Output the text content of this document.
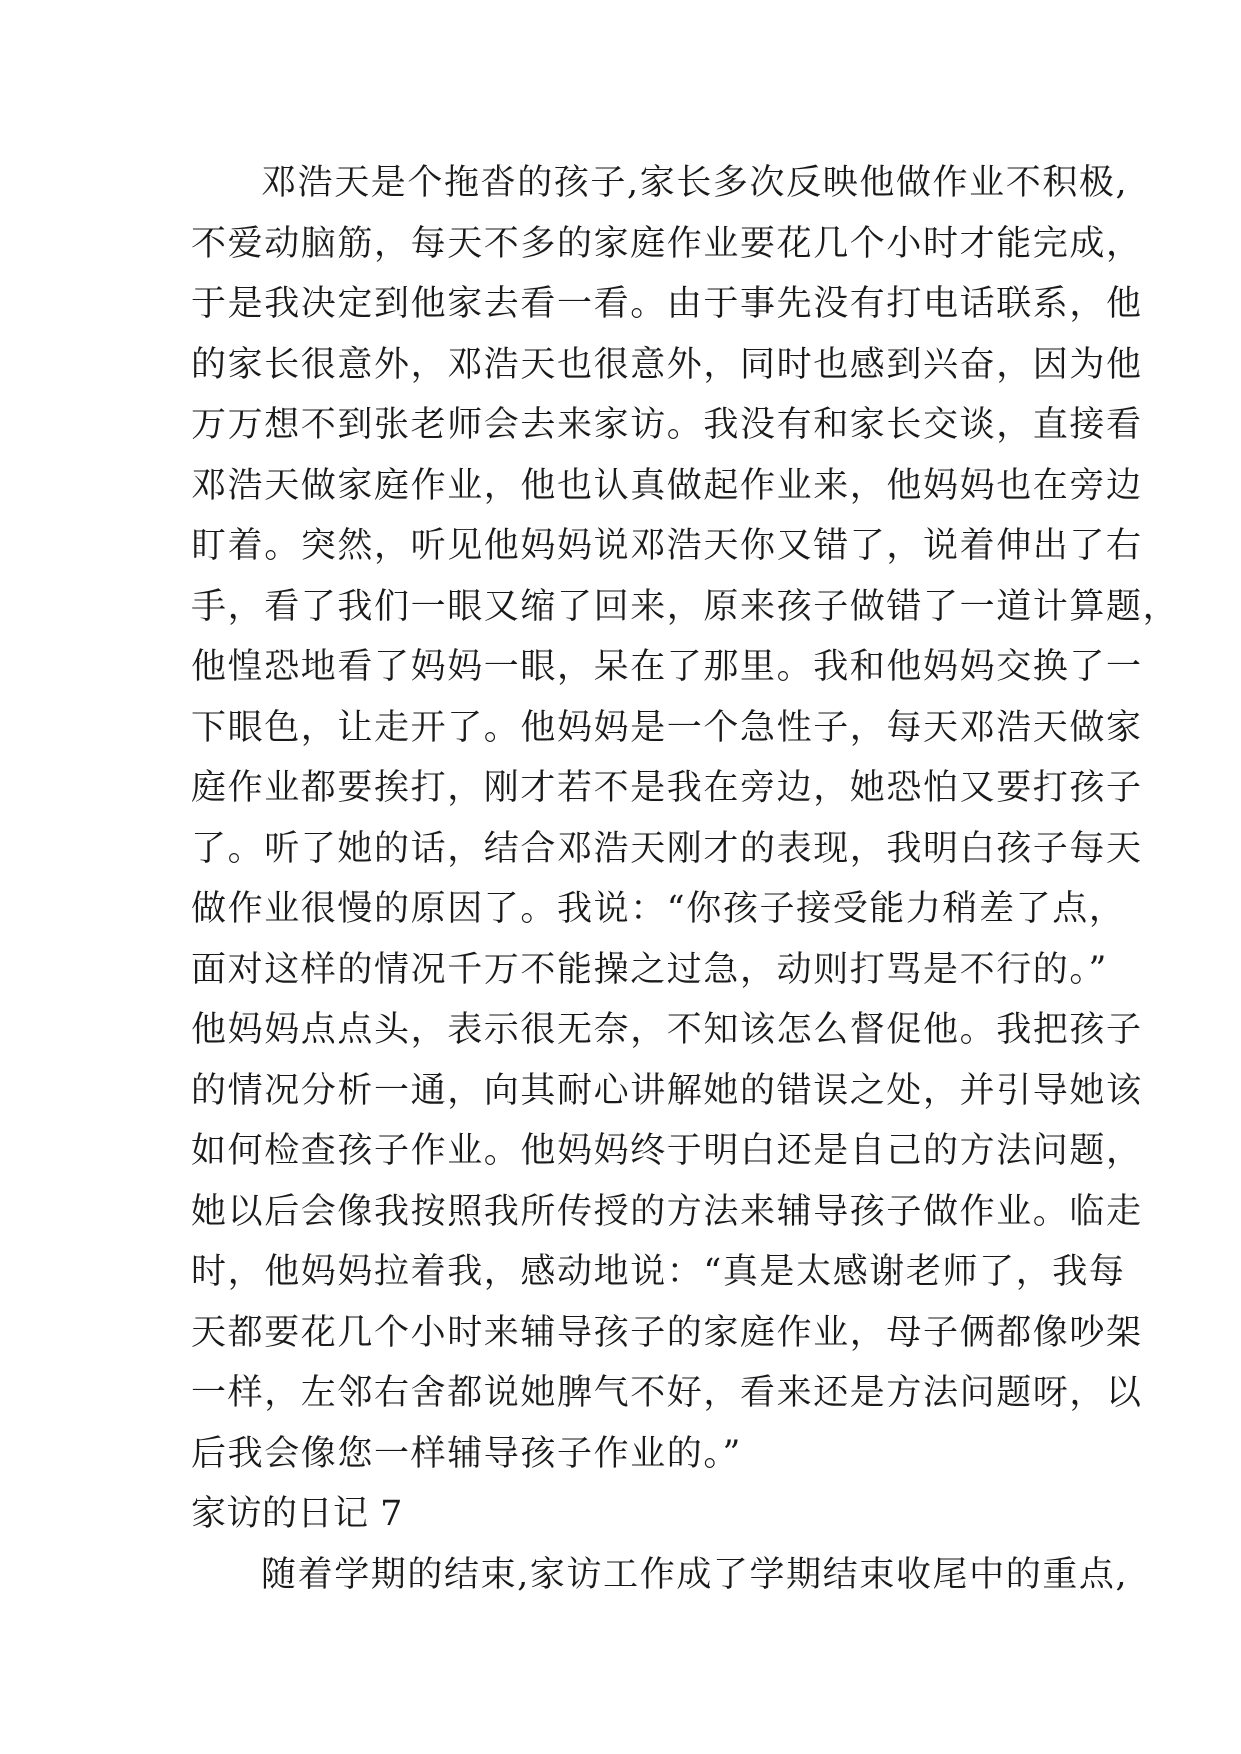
邓浩天是个拖沓的孩子,家长多次反映他做作业不积极,
不爱动脑筋，每天不多的家庭作业要花几个小时才能完成，
于是我决定到他家去看一看。由于事先没有打电话联系，他
的家长很意外，邓浩天也很意外，同时也感到兴奋，因为他
万万想不到张老师会去来家访。我没有和家长交谈，直接看
邓浩天做家庭作业，他也认真做起作业来，他妈妈也在旁边
盯着。突然，听见他妈妈说邓浩天你又错了，说着伸出了右
手，看了我们一眼又缩了回来，原来孩子做错了一道计算题，
他惶恐地看了妈妈一眼，呆在了那里。我和他妈妈交换了一
下眼色，让走开了。他妈妈是一个急性子，每天邓浩天做家
庭作业都要挨打，刚才若不是我在旁边，她恐怕又要打孩子
了。听了她的话，结合邓浩天刚才的表现，我明白孩子每天
做作业很慢的原因了。我说：“你孩子接受能力稍差了点，
面对这样的情况千万不能操之过急，动则打骂是不行的。”
他妈妈点点头，表示很无奈，不知该怎么督促他。我把孩子
的情况分析一通，向其耐心讲解她的错误之处，并引导她该
如何检查孩子作业。他妈妈终于明白还是自己的方法问题，
她以后会像我按照我所传授的方法来辅导孩子做作业。临走
时，他妈妈拉着我，感动地说：“真是太感谢老师了，我每
天都要花几个小时来辅导孩子的家庭作业，母子俩都像吵架
一样，左邻右舍都说她脾气不好，看来还是方法问题呀，以
后我会像您一样辅导孩子作业的。”
家访的日记 7
随着学期的结束,家访工作成了学期结束收尾中的重点,
